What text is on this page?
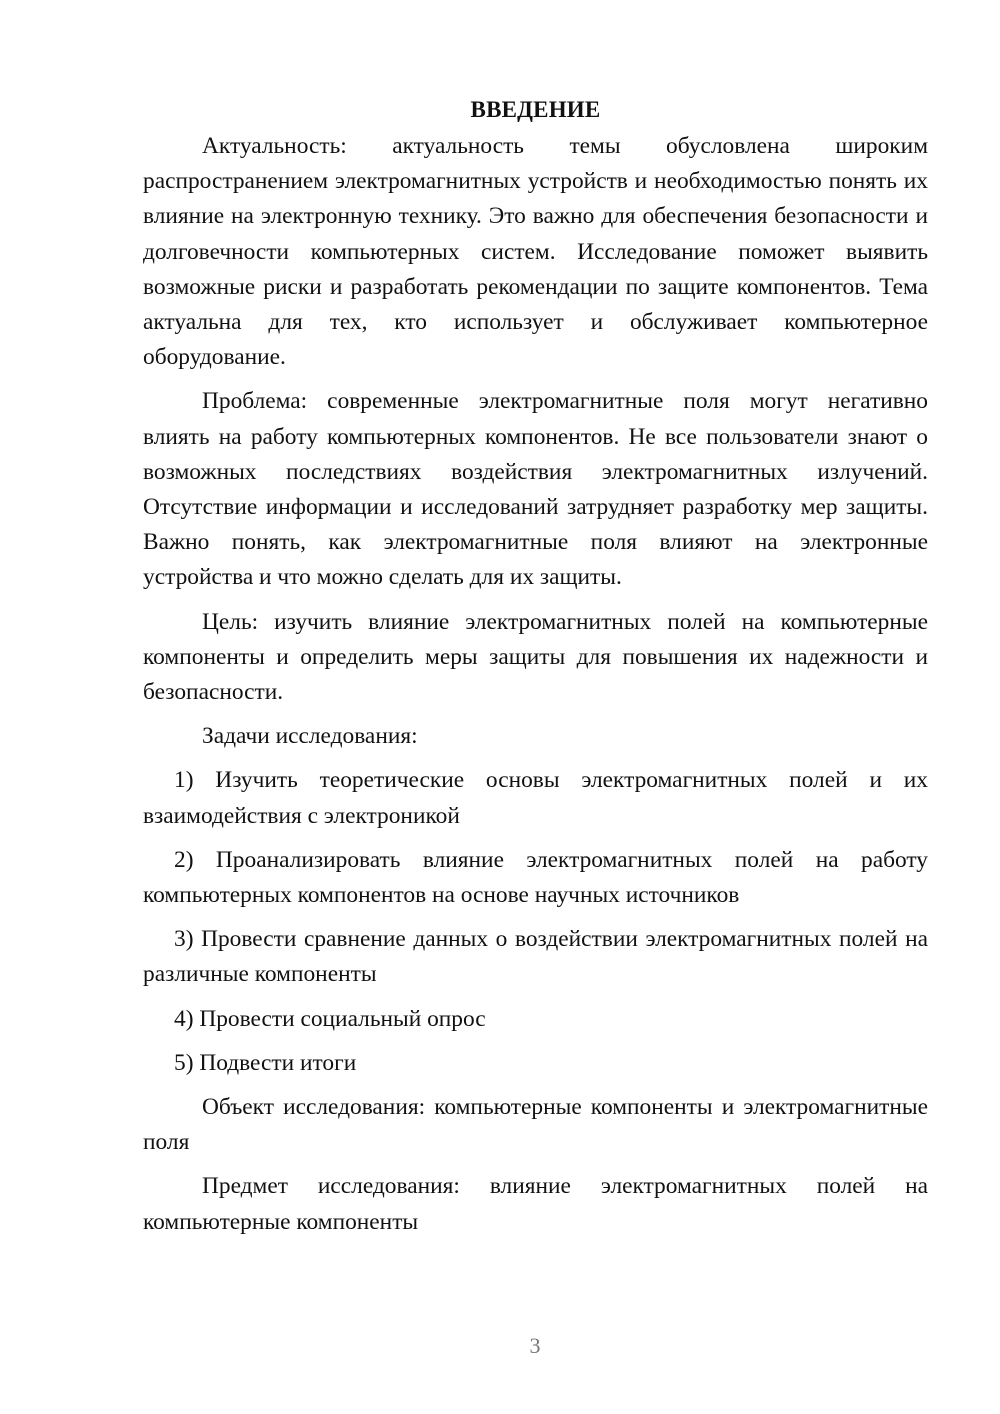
ВВЕДЕНИЕ

Актуальность: актуальность темы обусловлена широким распространением электромагнитных устройств и необходимостью понять их влияние на электронную технику. Это важно для обеспечения безопасности и долговечности компьютерных систем. Исследование поможет выявить возможные риски и разработать рекомендации по защите компонентов. Тема актуальна для тех, кто использует и обслуживает компьютерное оборудование.

Проблема: современные электромагнитные поля могут негативно влиять на работу компьютерных компонентов. Не все пользователи знают о возможных последствиях воздействия электромагнитных излучений. Отсутствие информации и исследований затрудняет разработку мер защиты. Важно понять, как электромагнитные поля влияют на электронные устройства и что можно сделать для их защиты.

Цель: изучить влияние электромагнитных полей на компьютерные компоненты и определить меры защиты для повышения их надежности и безопасности.

Задачи исследования:

1) Изучить теоретические основы электромагнитных полей и их взаимодействия с электроникой

2) Проанализировать влияние электромагнитных полей на работу компьютерных компонентов на основе научных источников

3) Провести сравнение данных о воздействии электромагнитных полей на различные компоненты

4) Провести социальный опрос

5) Подвести итоги

Объект исследования: компьютерные компоненты и электромагнитные поля

Предмет исследования: влияние электромагнитных полей на компьютерные компоненты

3
